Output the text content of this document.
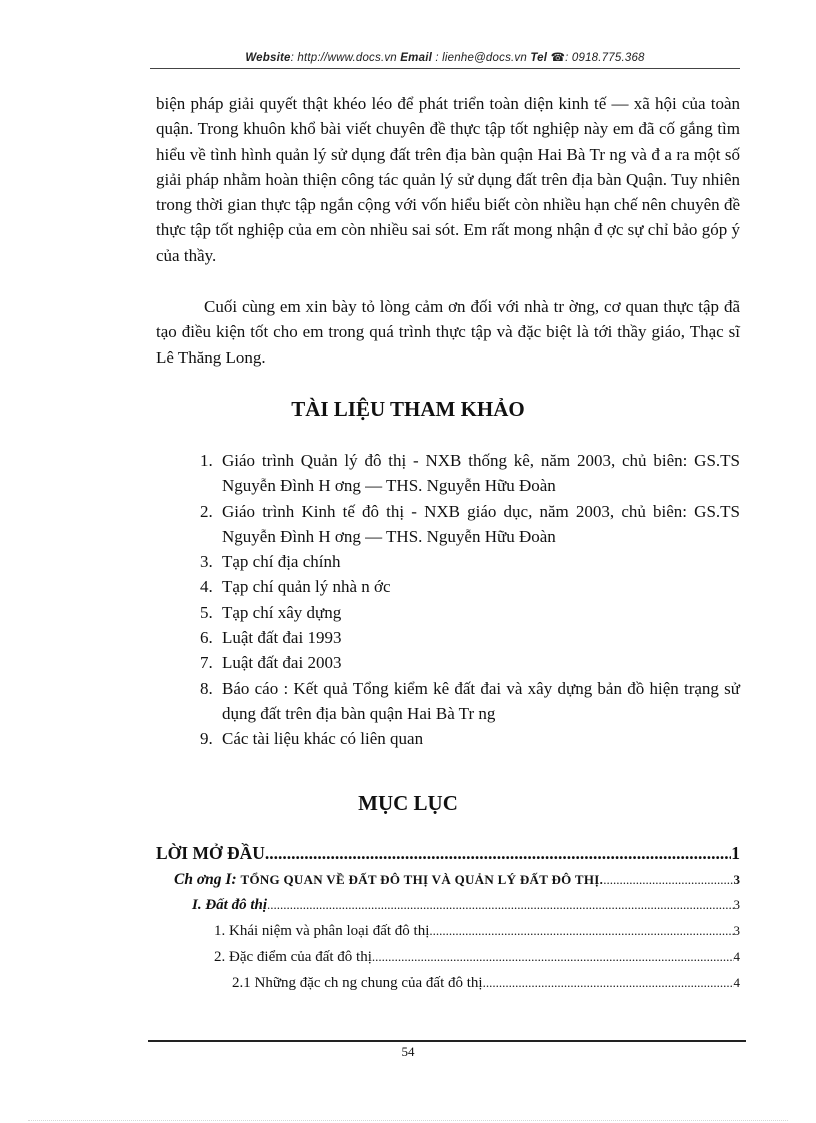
Website: http://www.docs.vn Email : lienhe@docs.vn Tel ☎: 0918.775.368

biện pháp giải quyết thật khéo léo để phát triển toàn diện kinh tế — xã hội của toàn quận. Trong khuôn khổ bài viết chuyên đề thực tập tốt nghiệp này em đã cố gắng tìm hiểu về tình hình quản lý sử dụng đất trên địa bàn quận Hai Bà Tr ng và đ a ra một số giải pháp nhằm hoàn thiện công tác quản lý sử dụng đất trên địa bàn Quận. Tuy nhiên trong thời gian thực tập ngắn cộng với vốn hiểu biết còn nhiều hạn chế nên chuyên đề thực tập tốt nghiệp của em còn nhiều sai sót. Em rất mong nhận đ ợc sự chỉ bảo góp ý của thầy.

Cuối cùng em xin bày tỏ lòng cảm ơn đối với nhà tr ờng, cơ quan thực tập đã tạo điều kiện tốt cho em trong quá trình thực tập và đặc biệt là tới thầy giáo, Thạc sĩ Lê Thăng Long.

TÀI LIỆU THAM KHẢO
1. Giáo trình Quản lý đô thị - NXB thống kê, năm 2003, chủ biên: GS.TS Nguyễn Đình H ơng — THS. Nguyễn Hữu Đoàn
2. Giáo trình Kinh tế đô thị - NXB giáo dục, năm 2003, chủ biên: GS.TS Nguyễn Đình H ơng — THS. Nguyễn Hữu Đoàn
3. Tạp chí địa chính
4. Tạp chí quản lý nhà n ớc
5. Tạp chí xây dựng
6. Luật đất đai 1993
7. Luật đất đai 2003
8. Báo cáo : Kết quả Tổng kiểm kê đất đai và xây dựng bản đồ hiện trạng sử dụng đất trên địa bàn quận Hai Bà Tr ng
9. Các tài liệu khác có liên quan
MỤC LỤC
LỜI MỞ ĐẦU .....	1
Ch ơng I: TỔNG QUAN VỀ ĐẤT ĐÔ THỊ VÀ QUẢN LÝ ĐẤT ĐÔ THỊ. .....	3
I. Đất đô thị .....	3
1. Khái niệm và phân loại đất đô thị .....	3
2. Đặc điểm của đất đô thị .....	4
2.1 Những đặc ch ng chung của đất đô thị .....	4
54
